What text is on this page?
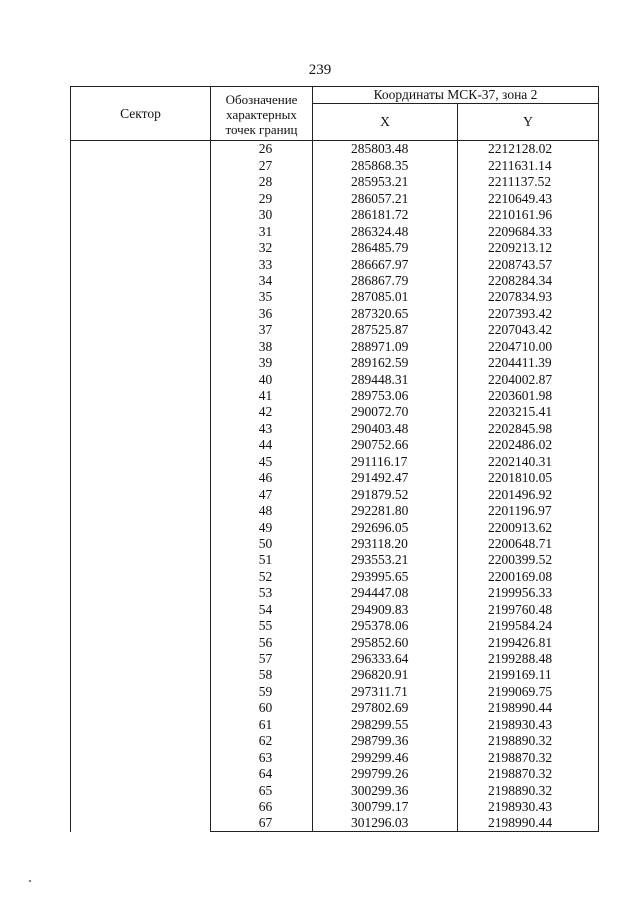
239
Сектор	Обозначение
характерных
точек границ	Координаты МСК-37, зона 2	
		X	Y
	26	285803.48	2212128.02
	27	285868.35	2211631.14
	28	285953.21	2211137.52
	29	286057.21	2210649.43
	30	286181.72	2210161.96
	31	286324.48	2209684.33
	32	286485.79	2209213.12
	33	286667.97	2208743.57
	34	286867.79	2208284.34
	35	287085.01	2207834.93
	36	287320.65	2207393.42
	37	287525.87	2207043.42
	38	288971.09	2204710.00
	39	289162.59	2204411.39
	40	289448.31	2204002.87
	41	289753.06	2203601.98
	42	290072.70	2203215.41
	43	290403.48	2202845.98
	44	290752.66	2202486.02
	45	291116.17	2202140.31
	46	291492.47	2201810.05
	47	291879.52	2201496.92
	48	292281.80	2201196.97
	49	292696.05	2200913.62
	50	293118.20	2200648.71
	51	293553.21	2200399.52
	52	293995.65	2200169.08
	53	294447.08	2199956.33
	54	294909.83	2199760.48
	55	295378.06	2199584.24
	56	295852.60	2199426.81
	57	296333.64	2199288.48
	58	296820.91	2199169.11
	59	297311.71	2199069.75
	60	297802.69	2198990.44
	61	298299.55	2198930.43
	62	298799.36	2198890.32
	63	299299.46	2198870.32
	64	299799.26	2198870.32
	65	300299.36	2198890.32
	66	300799.17	2198930.43
	67	301296.03	2198990.44
